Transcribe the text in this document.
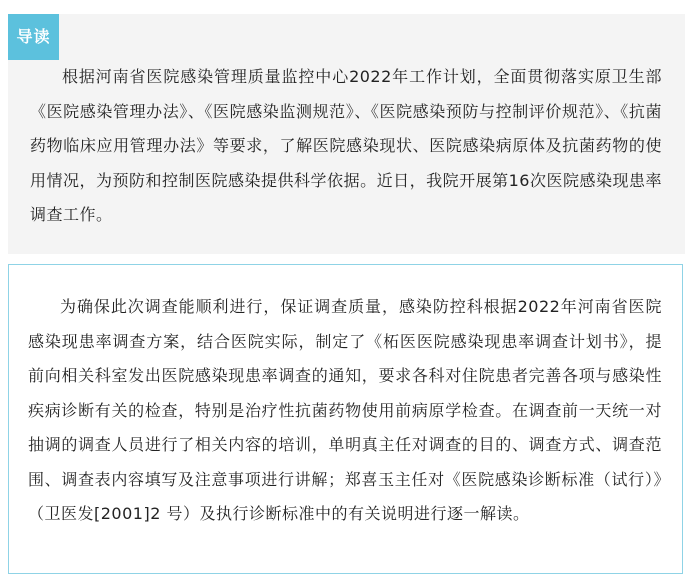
导读

根据河南省医院感染管理质量监控中心2022年工作计划，全面贯彻落实原卫生部《医院感染管理办法》、《医院感染监测规范》、《医院感染预防与控制评价规范》、《抗菌药物临床应用管理办法》等要求，了解医院感染现状、医院感染病原体及抗菌药物的使用情况，为预防和控制医院感染提供科学依据。近日，我院开展第16次医院感染现患率调查工作。

为确保此次调查能顺利进行，保证调查质量，感染防控科根据2022年河南省医院感染现患率调查方案，结合医院实际，制定了《柘医医院感染现患率调查计划书》，提前向相关科室发出医院感染现患率调查的通知，要求各科对住院患者完善各项与感染性疾病诊断有关的检查，特别是治疗性抗菌药物使用前病原学检查。在调查前一天统一对抽调的调查人员进行了相关内容的培训，单明真主任对调查的目的、调查方式、调查范围、调查表内容填写及注意事项进行讲解；郑喜玉主任对《医院感染诊断标准（试行）》（卫医发[2001]2 号）及执行诊断标准中的有关说明进行逐一解读。
